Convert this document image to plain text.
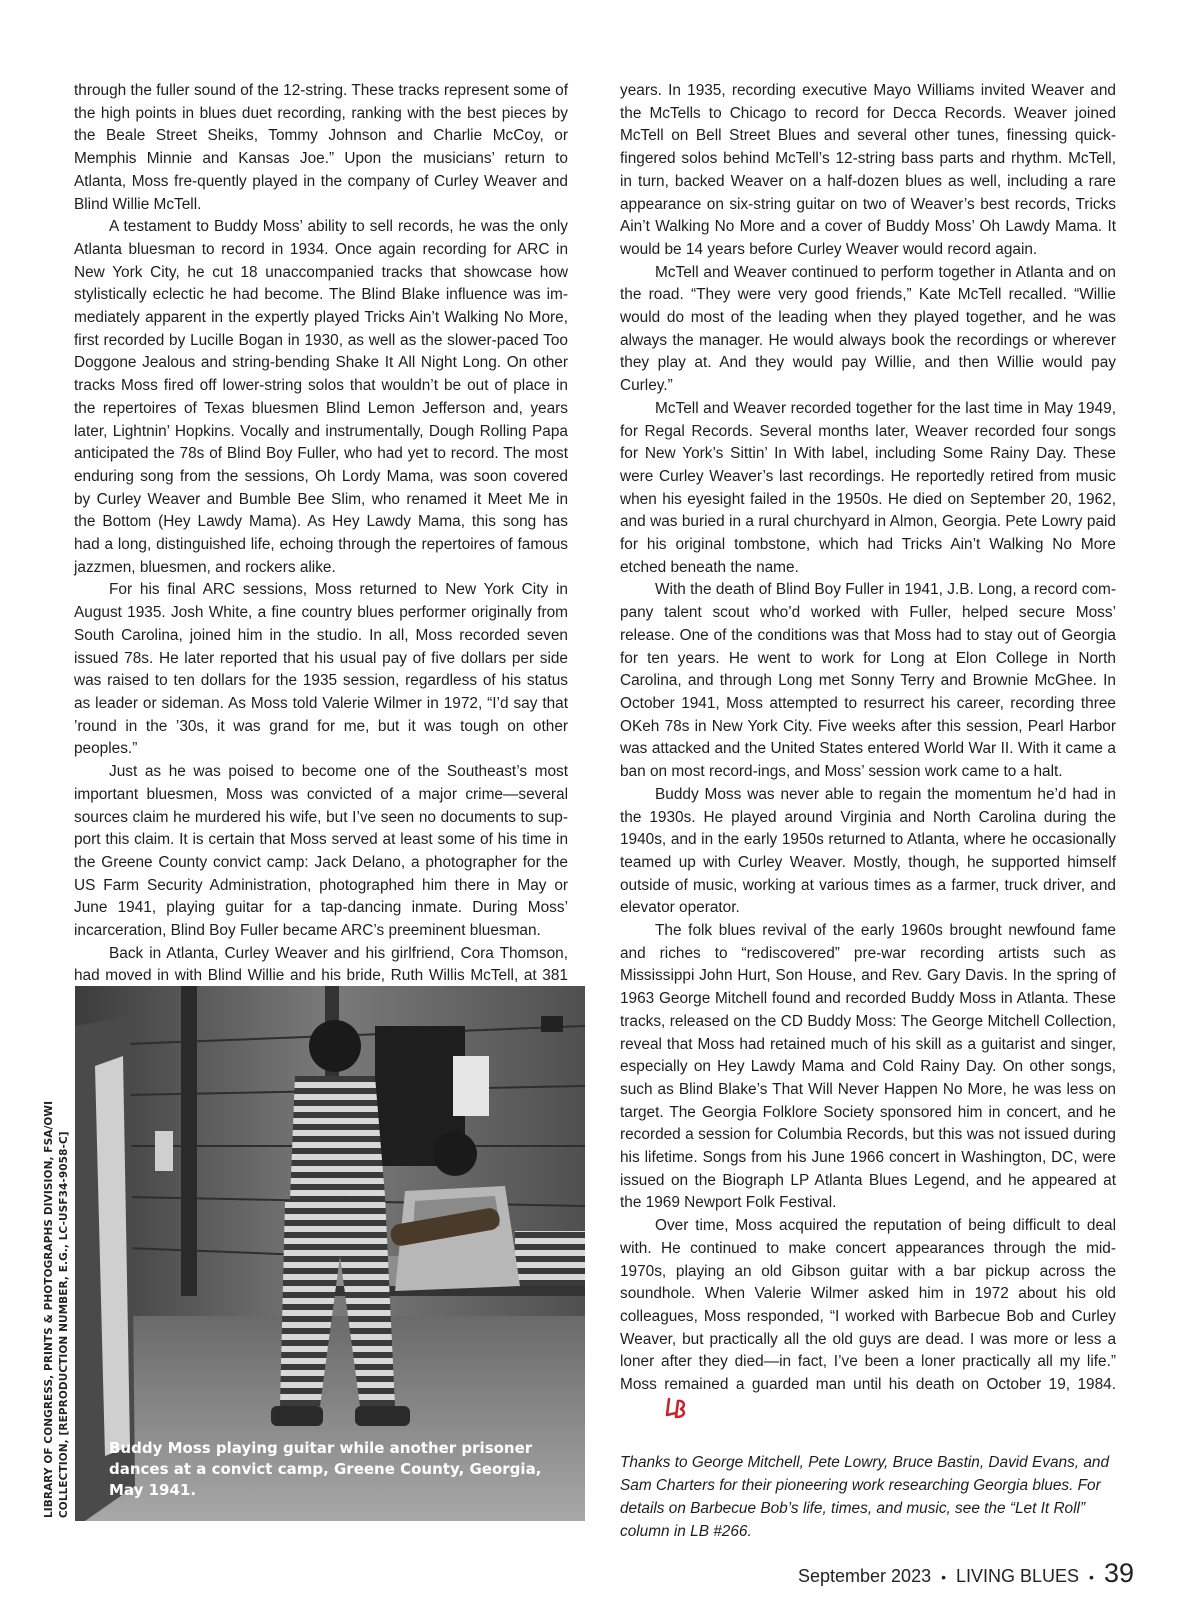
through the fuller sound of the 12-string. These tracks represent some of the high points in blues duet recording, ranking with the best pieces by the Beale Street Sheiks, Tommy Johnson and Charlie McCoy, or Memphis Minnie and Kansas Joe.” Upon the musicians’ return to Atlanta, Moss fre-quently played in the company of Curley Weaver and Blind Willie McTell.

A testament to Buddy Moss’ ability to sell records, he was the only Atlanta bluesman to record in 1934. Once again recording for ARC in New York City, he cut 18 unaccompanied tracks that showcase how stylistically eclectic he had become. The Blind Blake influence was im-mediately apparent in the expertly played Tricks Ain’t Walking No More, first recorded by Lucille Bogan in 1930, as well as the slower-paced Too Doggone Jealous and string-bending Shake It All Night Long. On other tracks Moss fired off lower-string solos that wouldn’t be out of place in the repertoires of Texas bluesmen Blind Lemon Jefferson and, years later, Lightnin’ Hopkins. Vocally and instrumentally, Dough Rolling Papa anticipated the 78s of Blind Boy Fuller, who had yet to record. The most enduring song from the sessions, Oh Lordy Mama, was soon covered by Curley Weaver and Bumble Bee Slim, who renamed it Meet Me in the Bottom (Hey Lawdy Mama). As Hey Lawdy Mama, this song has had a long, distinguished life, echoing through the repertoires of famous jazzmen, bluesmen, and rockers alike.

For his final ARC sessions, Moss returned to New York City in August 1935. Josh White, a fine country blues performer originally from South Carolina, joined him in the studio. In all, Moss recorded seven issued 78s. He later reported that his usual pay of five dollars per side was raised to ten dollars for the 1935 session, regardless of his status as leader or sideman. As Moss told Valerie Wilmer in 1972, “I’d say that ’round in the ’30s, it was grand for me, but it was tough on other peoples.”

Just as he was poised to become one of the Southeast’s most important bluesmen, Moss was convicted of a major crime—several sources claim he murdered his wife, but I’ve seen no documents to sup-port this claim. It is certain that Moss served at least some of his time in the Greene County convict camp: Jack Delano, a photographer for the US Farm Security Administration, photographed him there in May or June 1941, playing guitar for a tap-dancing inmate. During Moss’ incarceration, Blind Boy Fuller became ARC’s preeminent bluesman.

Back in Atlanta, Curley Weaver and his girlfriend, Cora Thomson, had moved in with Blind Willie and his bride, Ruth Willis McTell, at 381

Buddy Moss playing guitar while another prisoner dances at a convict camp, Greene County, Georgia, May 1941.
LIBRARY OF CONGRESS, PRINTS & PHOTOGRAPHS DIVISION, FSA/OWI COLLECTION, [REPRODUCTION NUMBER, E.G., LC-USF34-9058-C]

years. In 1935, recording executive Mayo Williams invited Weaver and the McTells to Chicago to record for Decca Records. Weaver joined McTell on Bell Street Blues and several other tunes, finessing quick-fingered solos behind McTell’s 12-string bass parts and rhythm. McTell, in turn, backed Weaver on a half-dozen blues as well, including a rare appearance on six-string guitar on two of Weaver’s best records, Tricks Ain’t Walking No More and a cover of Buddy Moss’ Oh Lawdy Mama. It would be 14 years before Curley Weaver would record again.

McTell and Weaver continued to perform together in Atlanta and on the road. “They were very good friends,” Kate McTell recalled. “Willie would do most of the leading when they played together, and he was always the manager. He would always book the recordings or wherever they play at. And they would pay Willie, and then Willie would pay Curley.”

McTell and Weaver recorded together for the last time in May 1949, for Regal Records. Several months later, Weaver recorded four songs for New York’s Sittin’ In With label, including Some Rainy Day. These were Curley Weaver’s last recordings. He reportedly retired from music when his eyesight failed in the 1950s. He died on September 20, 1962, and was buried in a rural churchyard in Almon, Georgia. Pete Lowry paid for his original tombstone, which had Tricks Ain’t Walking No More etched beneath the name.

With the death of Blind Boy Fuller in 1941, J.B. Long, a record com-pany talent scout who’d worked with Fuller, helped secure Moss’ release. One of the conditions was that Moss had to stay out of Georgia for ten years. He went to work for Long at Elon College in North Carolina, and through Long met Sonny Terry and Brownie McGhee. In October 1941, Moss attempted to resurrect his career, recording three OKeh 78s in New York City. Five weeks after this session, Pearl Harbor was attacked and the United States entered World War II. With it came a ban on most record-ings, and Moss’ session work came to a halt.

Buddy Moss was never able to regain the momentum he’d had in the 1930s. He played around Virginia and North Carolina during the 1940s, and in the early 1950s returned to Atlanta, where he occasionally teamed up with Curley Weaver. Mostly, though, he supported himself outside of music, working at various times as a farmer, truck driver, and elevator operator.

The folk blues revival of the early 1960s brought newfound fame and riches to “rediscovered” pre-war recording artists such as Mississippi John Hurt, Son House, and Rev. Gary Davis. In the spring of 1963 George Mitchell found and recorded Buddy Moss in Atlanta. These tracks, released on the CD Buddy Moss: The George Mitchell Collection, reveal that Moss had retained much of his skill as a guitarist and singer, especially on Hey Lawdy Mama and Cold Rainy Day. On other songs, such as Blind Blake’s That Will Never Happen No More, he was less on target. The Georgia Folklore Society sponsored him in concert, and he recorded a session for Columbia Records, but this was not issued during his lifetime. Songs from his June 1966 concert in Washington, DC, were issued on the Biograph LP Atlanta Blues Legend, and he appeared at the 1969 Newport Folk Festival.

Over time, Moss acquired the reputation of being difficult to deal with. He continued to make concert appearances through the mid-1970s, playing an old Gibson guitar with a bar pickup across the soundhole. When Valerie Wilmer asked him in 1972 about his old colleagues, Moss responded, “I worked with Barbecue Bob and Curley Weaver, but practically all the old guys are dead. I was more or less a loner after they died—in fact, I’ve been a loner practically all my life.” Moss remained a guarded man until his death on October 19, 1984.

Thanks to George Mitchell, Pete Lowry, Bruce Bastin, David Evans, and Sam Charters for their pioneering work researching Georgia blues. For details on Barbecue Bob’s life, times, and music, see the “Let It Roll” column in LB #266.

September 2023 • LIVING BLUES • 39
